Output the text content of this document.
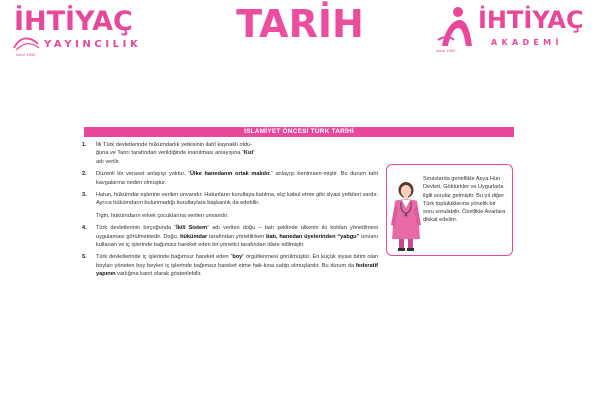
İHTİYAÇ
YAYINCILIK
since 1992
TARİH	İHTİYAÇ
AKADEMİ
since 1992
İSLAMİYET ÖNCESİ TÜRK TARİHİ
1. İlk Türk devletlerinde hükümdarlık yetkisinin ilahî kaynaklı oldu-
ğuna ve Tanrı tarafından verildiğinde inanılması anlayışına “Kut”
adı verilir.

2. Düzenli bir veraset anlayışı yoktur. “Ülke hanedanın ortak malıdır.” anlayışı benimsen-miştir. Bu durum taht kavgalarına neden olmuştur.

3. Hatun, hükümdar eşlerine verilen unvandır. Hatunların kurultaya katılma, elçi kabul etme gibi siyasi yetkileri vardır. Ayrıca hükümdarın bulunmadığı kurultaylara başkanlık da edebilir.

Tigin, hükümdarın erkek çocuklarına verilen unvandır.

4. Türk devletlerinin birçoğunda “İkili Sistem” adı verilen doğu – batı şeklinde ülkenin iki koldan yönetilmesi uygulaması görülmektedir. Doğu, hükümdar tarafından yönetilirken batı, hanedan üyelerinden “yabgu” unvanı kullanan ve iç işlerinde bağımsız hareket eden bir yönetici tarafından idare edilmiştir.

5. Türk devletlerinde iç işlerinde bağımsız hareket eden “boy” örgütlenmesi görülmüştür. En küçük siyasi birim olan boyları yöneten boy beyleri iç işlerinde bağımsız hareket etme hak-kına sahip olmuşlardır. Bu durum da federatif yapının varlığına kanıt olarak gösterilebilir.

Sınavlarda genellikle Asya Hun Devleti, Göktürkler ve Uygurlarla ilgili sorular gelmiştir. Bu yıl diğer Türk topluluklarına yönelik bir soru sorulabilir. Özellikle Avarlara dikkat edelim.
